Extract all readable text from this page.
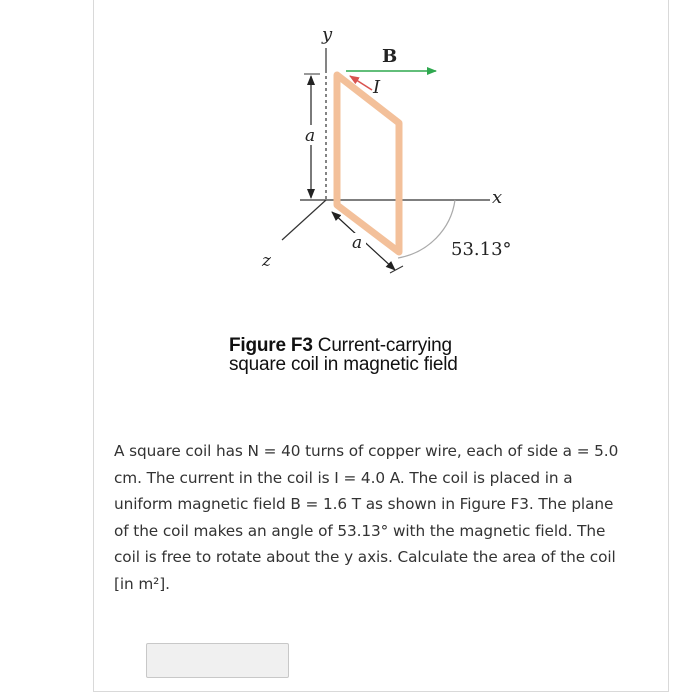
y
x
z
53.13°
a
a
B
I
Figure F3 Current-carrying
square coil in magnetic field
A square coil has N = 40 turns of copper wire, each of side a = 5.0
cm. The current in the coil is I = 4.0 A. The coil is placed in a
uniform magnetic field B = 1.6 T as shown in Figure F3. The plane
of the coil makes an angle of 53.13° with the magnetic field. The
coil is free to rotate about the y axis. Calculate the area of the coil
[in m²].
